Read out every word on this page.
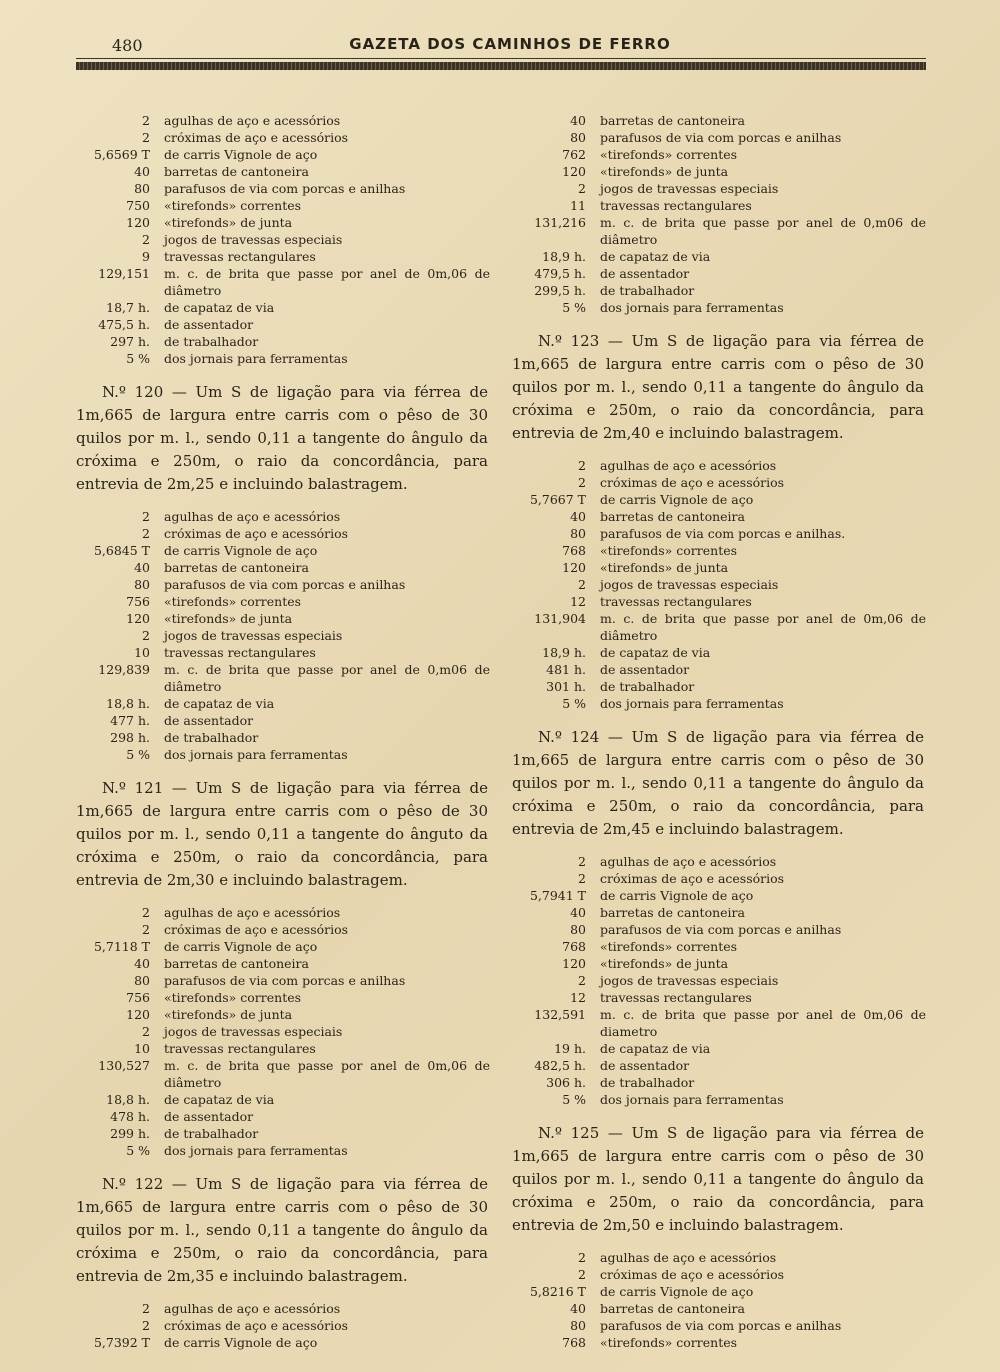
480	GAZETA DOS CAMINHOS DE FERRO
2 agulhas de aço e acessórios
2 cróximas de aço e acessórios
5,6569 T de carris Vignole de aço
40 barretas de cantoneira
80 parafusos de via com porcas e anilhas
750 «tirefonds» correntes
120 «tirefonds» de junta
2 jogos de travessas especiais
9 travessas rectangulares
129,151 m. c. de brita que passe por anel de 0m,06 de diâmetro
18,7 h. de capataz de via
475,5 h. de assentador
297 h. de trabalhador
5 % dos jornais para ferramentas

N.º 120 — Um S de ligação para via férrea de 1m,665 de largura entre carris com o pêso de 30 quilos por m. l., sendo 0,11 a tangente do ângulo da cróxima e 250m, o raio da concordância, para entrevia de 2m,25 e incluindo balastragem.

2 agulhas de aço e acessórios
2 cróximas de aço e acessórios
5,6845 T de carris Vignole de aço
40 barretas de cantoneira
80 parafusos de via com porcas e anilhas
756 «tirefonds» correntes
120 «tirefonds» de junta
2 jogos de travessas especiais
10 travessas rectangulares
129,839 m. c. de brita que passe por anel de 0,m06 de diâmetro
18,8 h. de capataz de via
477 h. de assentador
298 h. de trabalhador
5 % dos jornais para ferramentas

N.º 121 — Um S de ligação para via férrea de 1m,665 de largura entre carris com o pêso de 30 quilos por m. l., sendo 0,11 a tangente do ânguto da cróxima e 250m, o raio da concordância, para entrevia de 2m,30 e incluindo balastragem.

2 agulhas de aço e acessórios
2 cróximas de aço e acessórios
5,7118 T de carris Vignole de aço
40 barretas de cantoneira
80 parafusos de via com porcas e anilhas
756 «tirefonds» correntes
120 «tirefonds» de junta
2 jogos de travessas especiais
10 travessas rectangulares
130,527 m. c. de brita que passe por anel de 0m,06 de diâmetro
18,8 h. de capataz de via
478 h. de assentador
299 h. de trabalhador
5 % dos jornais para ferramentas

N.º 122 — Um S de ligação para via férrea de 1m,665 de largura entre carris com o pêso de 30 quilos por m. l., sendo 0,11 a tangente do ângulo da cróxima e 250m, o raio da concordância, para entrevia de 2m,35 e incluindo balastragem.

2 agulhas de aço e acessórios
2 cróximas de aço e acessórios
5,7392 T de carris Vignole de aço
40 barretas de cantoneira
80 parafusos de via com porcas e anilhas
762 «tirefonds» correntes
120 «tirefonds» de junta
2 jogos de travessas especiais
11 travessas rectangulares
131,216 m. c. de brita que passe por anel de 0,m06 de diâmetro
18,9 h. de capataz de via
479,5 h. de assentador
299,5 h. de trabalhador
5 % dos jornais para ferramentas

N.º 123 — Um S de ligação para via férrea de 1m,665 de largura entre carris com o pêso de 30 quilos por m. l., sendo 0,11 a tangente do ângulo da cróxima e 250m, o raio da concordância, para entrevia de 2m,40 e incluindo balastragem.

2 agulhas de aço e acessórios
2 cróximas de aço e acessórios
5,7667 T de carris Vignole de aço
40 barretas de cantoneira
80 parafusos de via com porcas e anilhas.
768 «tirefonds» correntes
120 «tirefonds» de junta
2 jogos de travessas especiais
12 travessas rectangulares
131,904 m. c. de brita que passe por anel de 0m,06 de diâmetro
18,9 h. de capataz de via
481 h. de assentador
301 h. de trabalhador
5 % dos jornais para ferramentas

N.º 124 — Um S de ligação para via férrea de 1m,665 de largura entre carris com o pêso de 30 quilos por m. l., sendo 0,11 a tangente do ângulo da cróxima e 250m, o raio da concordância, para entrevia de 2m,45 e incluindo balastragem.

2 agulhas de aço e acessórios
2 cróximas de aço e acessórios
5,7941 T de carris Vignole de aço
40 barretas de cantoneira
80 parafusos de via com porcas e anilhas
768 «tirefonds» correntes
120 «tirefonds» de junta
2 jogos de travessas especiais
12 travessas rectangulares
132,591 m. c. de brita que passe por anel de 0m,06 de diametro
19 h. de capataz de via
482,5 h. de assentador
306 h. de trabalhador
5 % dos jornais para ferramentas

N.º 125 — Um S de ligação para via férrea de 1m,665 de largura entre carris com o pêso de 30 quilos por m. l., sendo 0,11 a tangente do ângulo da cróxima e 250m, o raio da concordância, para entrevia de 2m,50 e incluindo balastragem.

2 agulhas de aço e acessórios
2 cróximas de aço e acessórios
5,8216 T de carris Vignole de aço
40 barretas de cantoneira
80 parafusos de via com porcas e anilhas
768 «tirefonds» correntes
